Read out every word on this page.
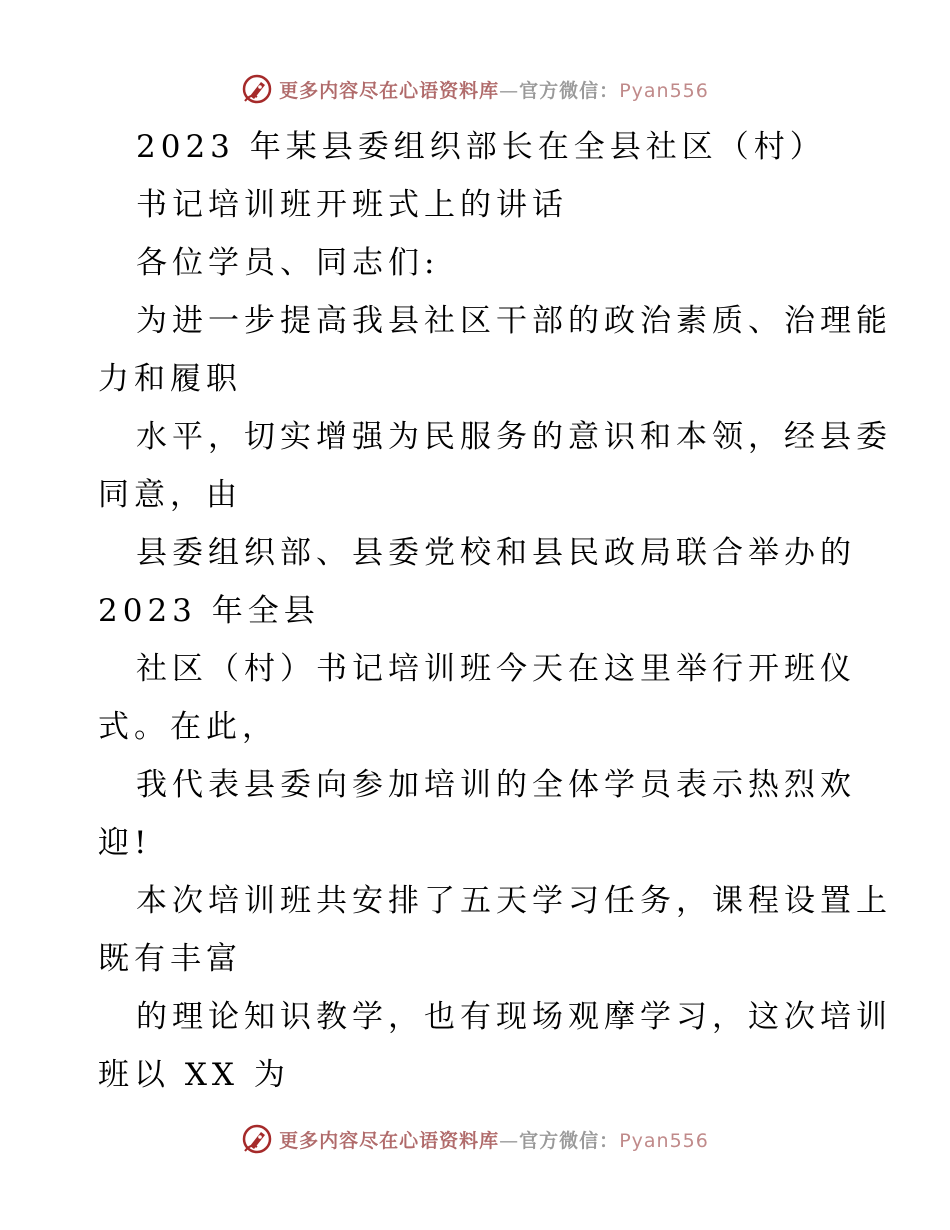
更多内容尽在心语资料库—官方微信：Pyan556
2023 年某县委组织部长在全县社区（村）
书记培训班开班式上的讲话
各位学员、同志们:
为进一步提高我县社区干部的政治素质、治理能
力和履职
水平，切实增强为民服务的意识和本领，经县委
同意，由
县委组织部、县委党校和县民政局联合举办的
2023 年全县
社区（村）书记培训班今天在这里举行开班仪
式。在此，
我代表县委向参加培训的全体学员表示热烈欢
迎!
本次培训班共安排了五天学习任务，课程设置上
既有丰富
的理论知识教学，也有现场观摩学习，这次培训
班以 XX 为
更多内容尽在心语资料库—官方微信：Pyan556
